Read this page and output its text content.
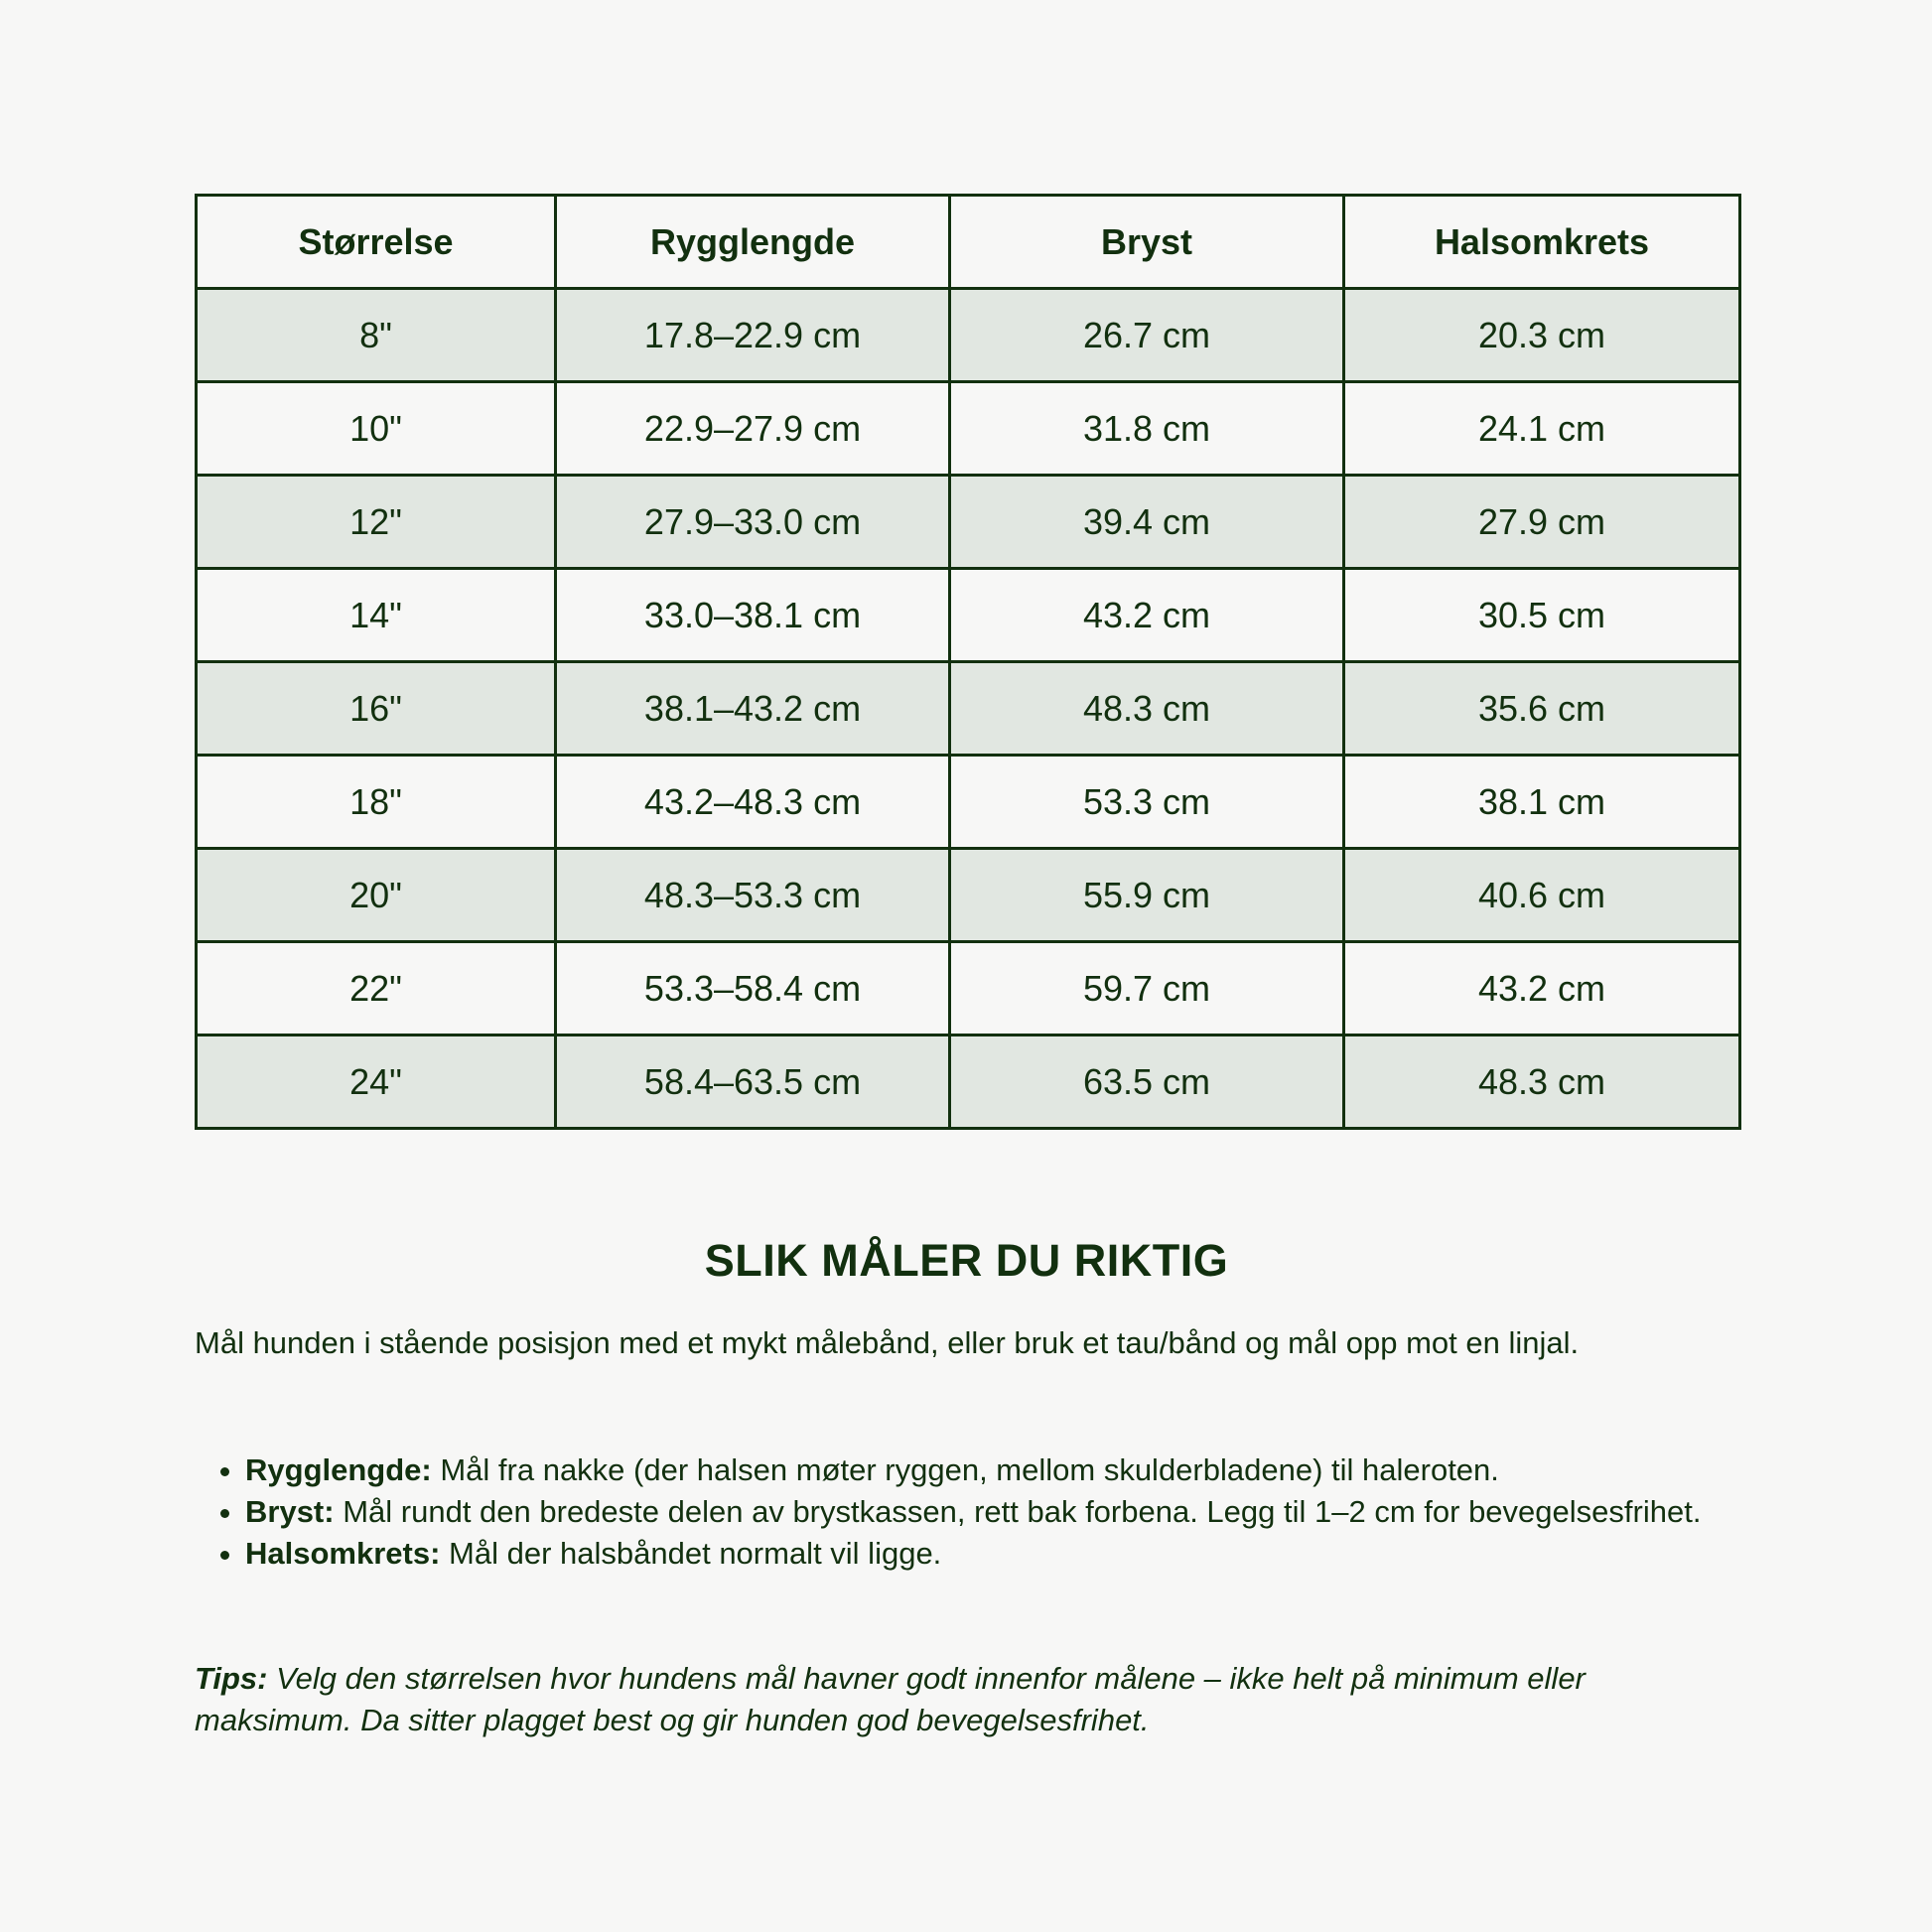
Størrelse	Rygglengde	Bryst	Halsomkrets
8"	17.8–22.9 cm	26.7 cm	20.3 cm
10"	22.9–27.9 cm	31.8 cm	24.1 cm
12"	27.9–33.0 cm	39.4 cm	27.9 cm
14"	33.0–38.1 cm	43.2 cm	30.5 cm
16"	38.1–43.2 cm	48.3 cm	35.6 cm
18"	43.2–48.3 cm	53.3 cm	38.1 cm
20"	48.3–53.3 cm	55.9 cm	40.6 cm
22"	53.3–58.4 cm	59.7 cm	43.2 cm
24"	58.4–63.5 cm	63.5 cm	48.3 cm
SLIK MÅLER DU RIKTIG

Mål hunden i stående posisjon med et mykt målebånd, eller bruk et tau/bånd og mål opp mot en linjal.

• Rygglengde: Mål fra nakke (der halsen møter ryggen, mellom skulderbladene) til haleroten.
• Bryst: Mål rundt den bredeste delen av brystkassen, rett bak forbena. Legg til 1–2 cm for bevegelsesfrihet.
• Halsomkrets: Mål der halsbåndet normalt vil ligge.

Tips: Velg den størrelsen hvor hundens mål havner godt innenfor målene – ikke helt på minimum eller maksimum. Da sitter plagget best og gir hunden god bevegelsesfrihet.
